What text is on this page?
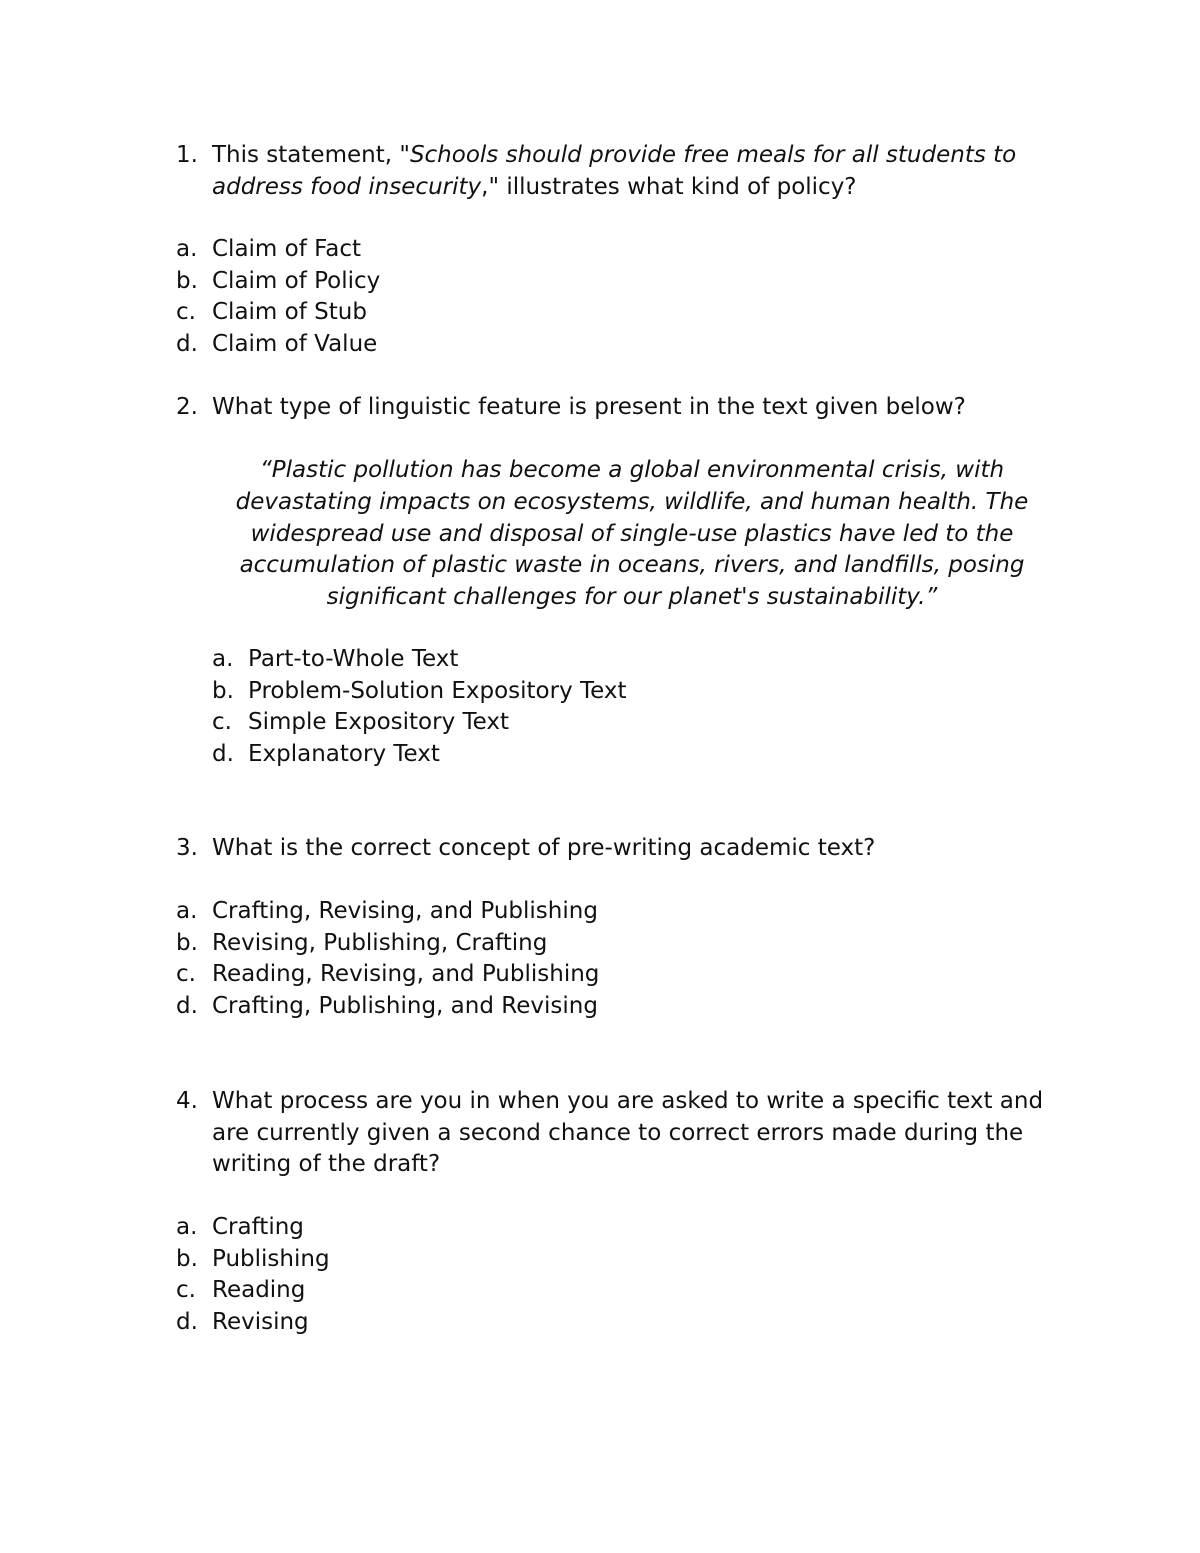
1. This statement, "Schools should provide free meals for all students to address food insecurity," illustrates what kind of policy?
a. Claim of Fact
b. Claim of Policy
c. Claim of Stub
d. Claim of Value
2. What type of linguistic feature is present in the text given below?
“Plastic pollution has become a global environmental crisis, with devastating impacts on ecosystems, wildlife, and human health. The widespread use and disposal of single-use plastics have led to the accumulation of plastic waste in oceans, rivers, and landfills, posing significant challenges for our planet's sustainability.”
a. Part-to-Whole Text
b. Problem-Solution Expository Text
c. Simple Expository Text
d. Explanatory Text
3. What is the correct concept of pre-writing academic text?
a. Crafting, Revising, and Publishing
b. Revising, Publishing, Crafting
c. Reading, Revising, and Publishing
d. Crafting, Publishing, and Revising
4. What process are you in when you are asked to write a specific text and are currently given a second chance to correct errors made during the writing of the draft?
a. Crafting
b. Publishing
c. Reading
d. Revising
